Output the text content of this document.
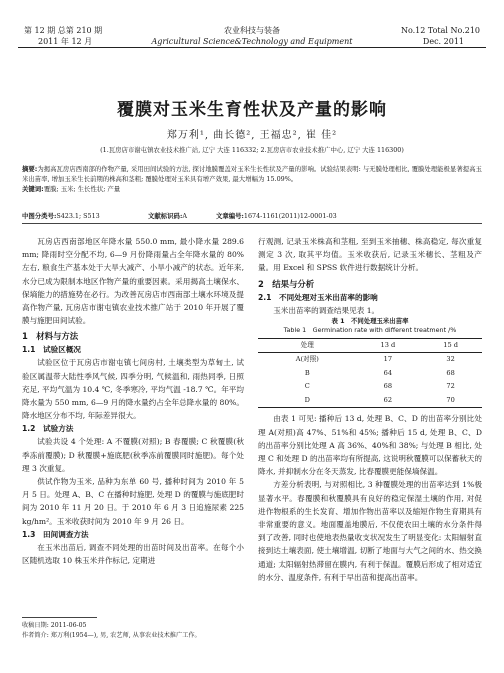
第 12 期 总第 210 期
2011 年 12 月
农业科技与装备
Agricultural Science&Technology and Equipment
No.12 Total No.210
Dec. 2011
覆膜对玉米生育性状及产量的影响
郑万利¹, 曲长德², 王福忠², 崔 佳²
(1.瓦房店市谢屯镇农业技术推广站, 辽宁 大连 116332; 2.瓦房店市农业技术推广中心, 辽宁 大连 116300)
摘要:为揭高瓦房店西南部的作物产量, 采用田间试验的方法, 探讨地膜覆盖对玉米生长性状及产量的影响。试验结果表明: 与无膜处理相比, 覆膜处理能极显著提高玉米出苗率, 增加玉米生长前期的株高和茎粗; 覆膜处理对玉米具有增产效果, 最大增幅为 15.09%。
关键词:覆膜; 玉米; 生长性状; 产量
中图分类号:S423.1; S513	文献标识码:A	文章编号:1674-1161(2011)12-0001-03

瓦房店西南部地区年降水量 550.0 mm, 最小降水量 289.6 mm; 降雨时空分配不均, 6—9 月份降雨量占全年降水量的 80%左右, 粮食生产基本处于大旱大减产、小旱小减产的状态。近年来, 水分已成为限制本地区作物产量的重要因素。采用揭高土壤保水、保墒能力的措施势在必行。为改善瓦房店市西南部土壤水环境及提高作物产量, 瓦房店市谢屯镇农业技术推广站于 2010 年开展了覆膜与施肥田间试验。

1　材料与方法
1.1　试验区概况

试验区位于瓦房店市谢屯镇七间房村, 土壤类型为草甸土, 试验区属温带大陆性季风气候, 四季分明, 气候温和, 雨热同季, 日照充足, 平均气温为 10.4 ℃, 冬季寒冷, 平均气温 -18.7 ℃。年平均降水量为 550 mm, 6—9 月的降水量约占全年总降水量的 80%。降水地区分布不均, 年际差异很大。

1.2　试验方法

试验共设 4 个处理: A 不覆膜(对照); B 春覆膜; C 秋覆膜(秋季冻前覆膜); D 秋覆膜+施底肥(秋季冻前覆膜同时施肥)。每个处理 3 次重复。

供试作物为玉米, 品种为东单 60 号, 播种时间为 2010 年 5 月 5 日。处理 A、B、C 在播种时施肥, 处理 D 的覆膜与施底肥时间为 2010 年 11 月 20 日。于 2010 年 6 月 3 日追施尿素 225 kg/hm²。玉米收获时间为 2010 年 9 月 26 日。

1.3　田间调查方法

在玉米出苗后, 调查不同处理的出苗时间及出苗率。在每个小区随机选取 10 株玉米并作标记, 定期进

收稿日期: 2011-06-05
作者简介: 郑万利(1954—), 男, 农艺师, 从事农业技术推广工作。

行观测, 记录玉米株高和茎粗, 至到玉米抽穗、株高稳定, 每次重复测定 3 次, 取其平均值。玉米收获后, 记录玉米穗长、茎粗及产量。用 Excel 和 SPSS 软件进行数据统计分析。

2　结果与分析
2.1　不同处理对玉米出苗率的影响

玉米出苗率的调查结果见表 1。

表 1　不同处理玉米出苗率
Table 1　Germination rate with different treatment /%
处理	13 d	15 d
A(对照)	17	32
B	64	68
C	68	72
D	62	70

由表 1 可见: 播种后 13 d, 处理 B、C、D 的出苗率分别比处理 A(对照)高 47%、51%和 45%; 播种后 15 d, 处理 B、C、D 的出苗率分别比处理 A 高 36%、40%和 38%; 与处理 B 相比, 处理 C 和处理 D 的出苗率均有所提高, 这说明秋覆膜可以保蓄秋天的降水, 并抑制水分在冬天蒸发, 比春覆膜更能保墒保温。

方差分析表明, 与对照相比, 3 种覆膜处理的出苗率达到 1%极显著水平。春覆膜和秋覆膜具有良好的稳定保湿土壤的作用, 对促进作物根系的生长发育、增加作物出苗率以及缩短作物生育期具有非常重要的意义。地面覆盖地膜后, 不仅使农田土壤的水分条件得到了改善, 同时也使地表热量收支状况发生了明显变化: 太阳辐射直接到达土壤表面, 使土壤增温, 切断了地面与大气之间的水、热交换通道; 太阳辐射热滞留在膜内, 有利于保温。覆膜后形成了相对适宜的水分、温度条件, 有利于早出苗和提高出苗率。
